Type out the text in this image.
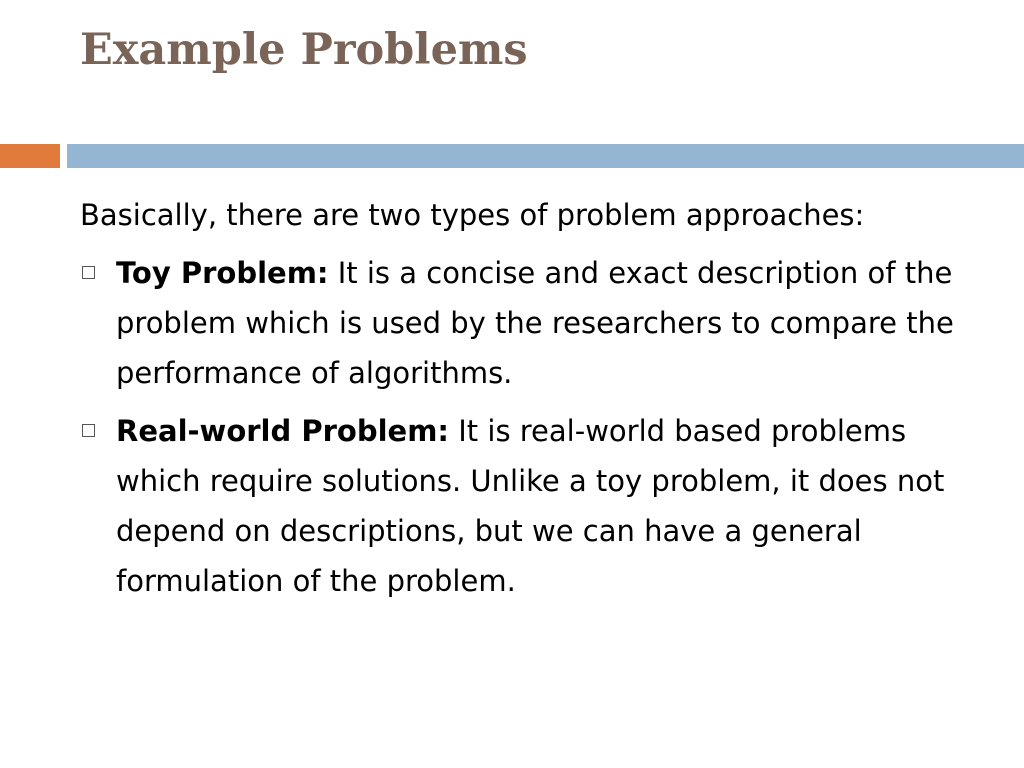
Example Problems

Basically, there are two types of problem approaches:

Toy Problem: It is a concise and exact description of the problem which is used by the researchers to compare the performance of algorithms.

Real-world Problem: It is real-world based problems which require solutions. Unlike a toy problem, it does not depend on descriptions, but we can have a general formulation of the problem.
